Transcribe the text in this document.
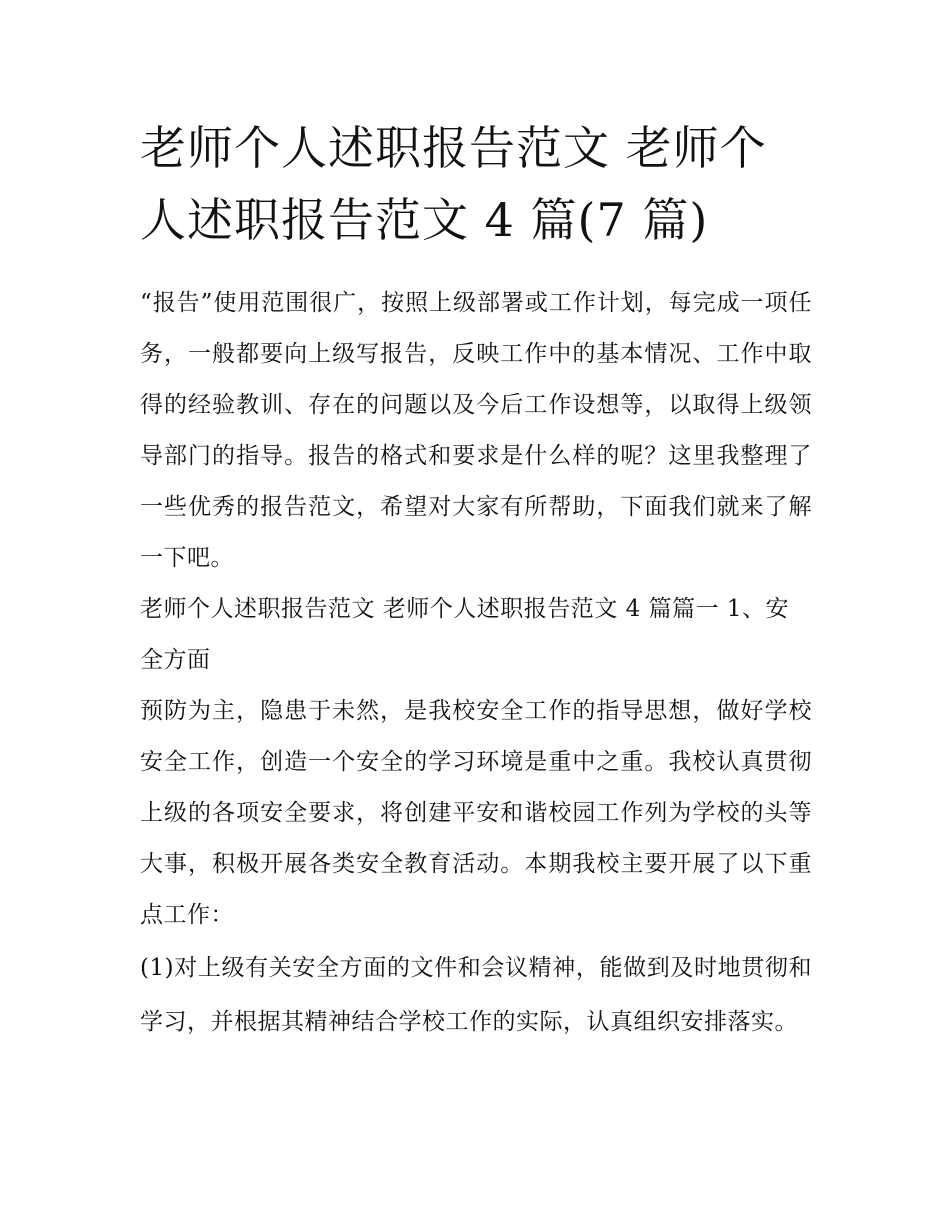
老师个人述职报告范文 老师个人述职报告范文 4 篇(7 篇)

“报告”使用范围很广，按照上级部署或工作计划，每完成一项任务，一般都要向上级写报告，反映工作中的基本情况、工作中取得的经验教训、存在的问题以及今后工作设想等，以取得上级领导部门的指导。报告的格式和要求是什么样的呢？这里我整理了一些优秀的报告范文，希望对大家有所帮助，下面我们就来了解一下吧。

老师个人述职报告范文 老师个人述职报告范文 4 篇篇一 1、安全方面

预防为主，隐患于未然，是我校安全工作的指导思想，做好学校安全工作，创造一个安全的学习环境是重中之重。我校认真贯彻上级的各项安全要求，将创建平安和谐校园工作列为学校的头等大事，积极开展各类安全教育活动。本期我校主要开展了以下重点工作：

(1)对上级有关安全方面的文件和会议精神，能做到及时地贯彻和学习，并根据其精神结合学校工作的实际，认真组织安排落实。
